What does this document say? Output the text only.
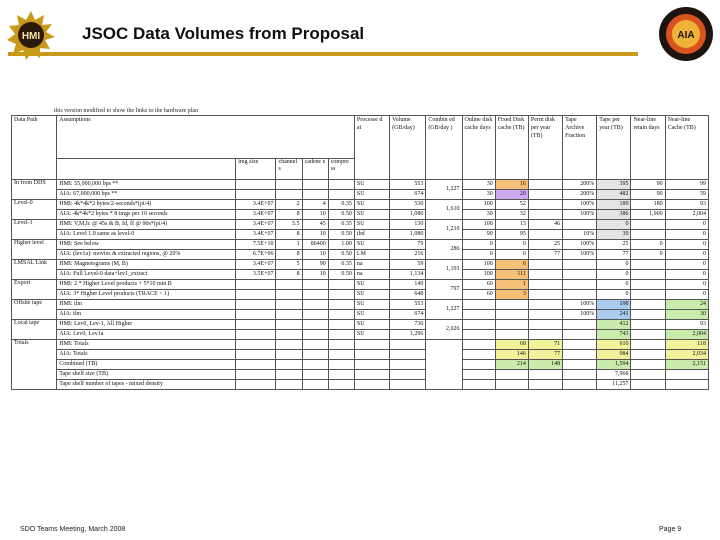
HMI JSOC Data Volumes from Proposal	AIA
this version modified to show the links to the hardware plan
Data Path	Assumptions					Processe d at	Volume (GB/day)	Combin ed (GB/day )	Online disk cache days	Fixed Disk cache (TB)	Perm disk per year (TB)	Tape Archive Fraction	Tape per year (TB)	Near-line retain days	Near-line Cache (TB)
		img size	channel s	cadenc e	compre ss										
In from DDS	HMI: 55,000,000 bps **					SU	553	1,227	30	16		200%	395	90	99
	AIA: 67,000,000 bps **					SU	674		30	20		200%	482	90	59
Level-0	HMI: 4k*4k*2 bytes/2-seconds*(pi/4)	3.4E+07	2	4	0.35	SU	530	1,610	100	52		100%	189	180	93
	AIA: 4k*4k*2 bytes * 8 imgs per 10 seconds	3.4E+07	8	10	0.50	SU	1,080		30	32		100%	386	1,900	2,004
Level-1	HMI: V,M,Ic @ 45s & B, Id, ff @ 90s*(pi/4)	3.4E+07	5.5	45	0.35	SU	130	1,210	100	13	46		0		0
	AIA: Level 1.0 same as level-0	3.4E+07	8	10	0.50	tbd	1,080		90	95		10%	39		0
Higher level	HMI: See below	7.5E+10	1	86400	1.00	SU	79	286	0	0	25	100%	25	0	0
	AIA: (lev1a): movies & extracted regions, @ 20%	6.7E+06	8	10	0.50	LM	216		0	0	77	100%	77	0	0
LMSAL Link	HMI: Magnetograms (M, B)	3.4E+07	5	90	0.35	na	59	1,193	100	6			0		0
	AIA: Full Level-0 data+lev1_extract	3.5E+07	8	10	0.50	na	1,134		100	111			0		0
Export	HMI: 2 * Higher Level products + 5*10 min B					SU	149	797	60	1			0		0
	AIA: 3* Higher Level products (TRACE < 1)					SU	648		60	3			0		0
Offsite tape	HMI: tlm					SU	553	1,227				100%	198		24
	AIA: tlm					SU	674					100%	241		30
Local tape	HMI: Lev0, Lev-1, All Higher					SU	730	2,026					412		93
	AIA: Lev0, Lev1a					SU	1,296						743		2,004
Totals	HMI: Totals									68	71		610		118
	AIA: Totals									146	77		984		2,034
	Combined (TB)									214	148		1,594		2,151
	Tape shelf size (TB)												7,968		
	Tape shelf number of tapes - mixed density												11,257		
SDO Teams Meeting, March 2008	Page 9
